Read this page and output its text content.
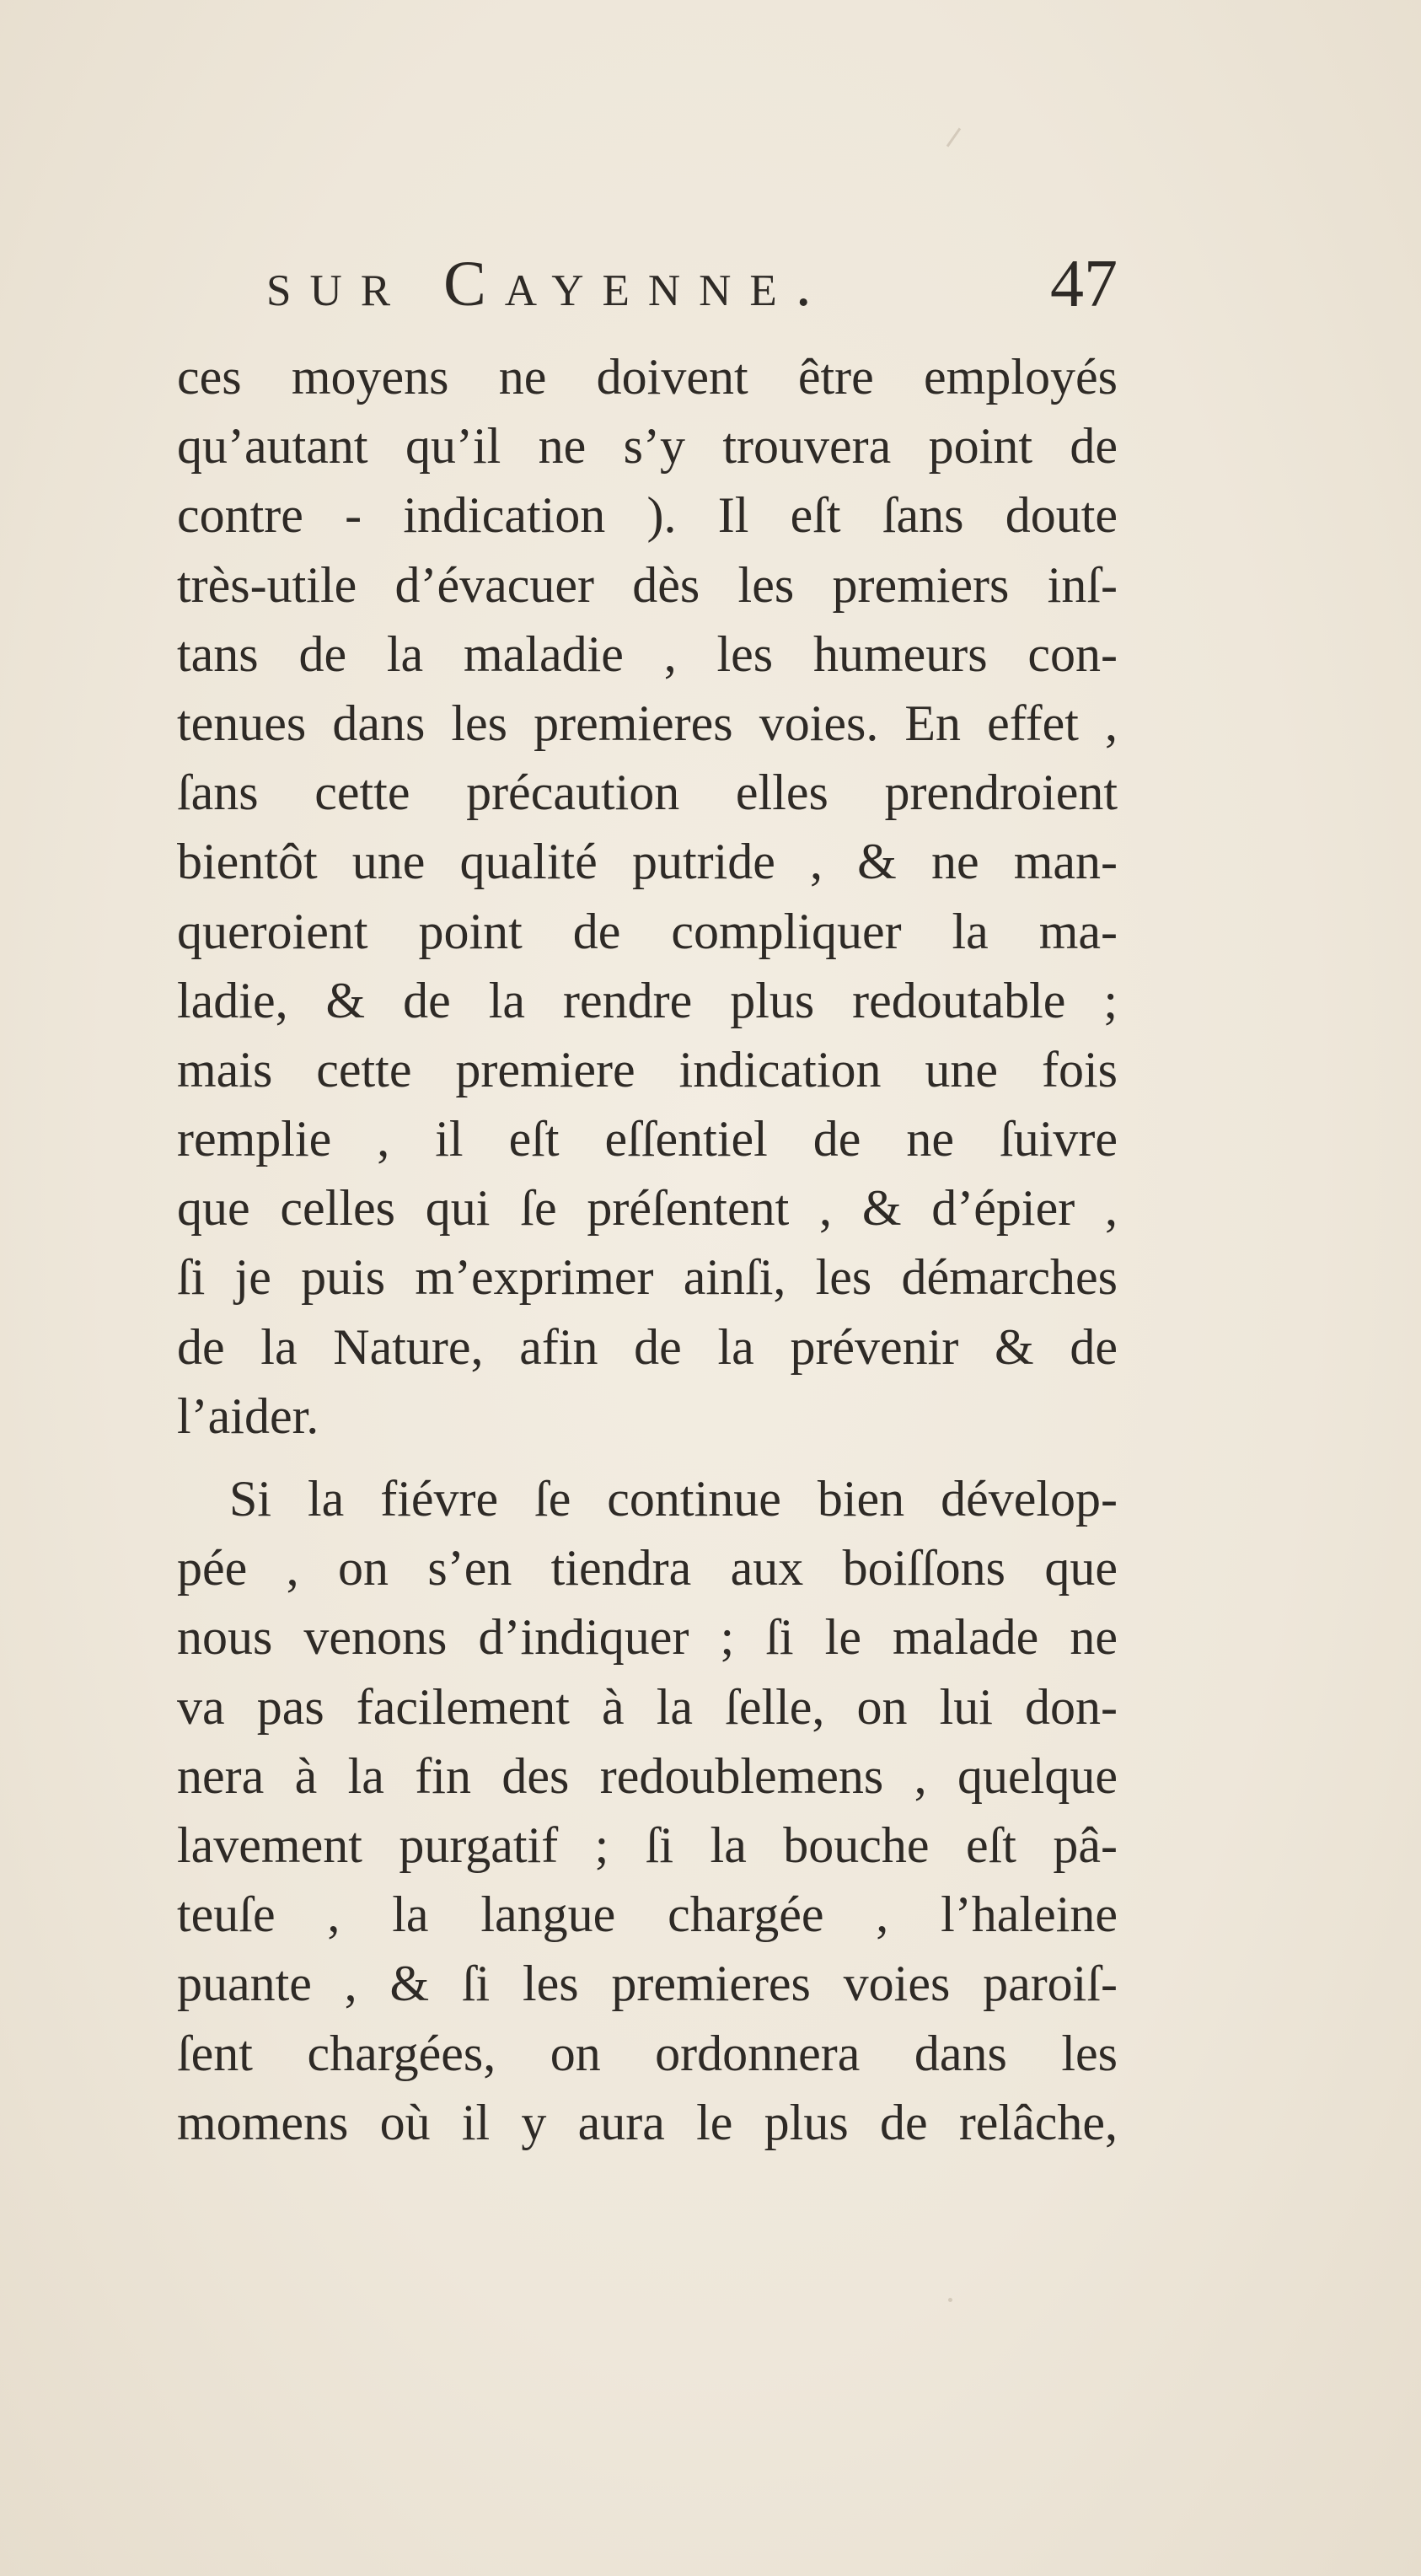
sur Cayenne.	47
ces moyens ne doivent être employés
qu’autant qu’il ne s’y trouvera point de
contre - indication ). Il eſt ſans doute
très-utile d’évacuer dès les premiers inſ-
tans de la maladie , les humeurs con-
tenues dans les premieres voies. En effet ,
ſans cette précaution elles prendroient
bientôt une qualité putride , & ne man-
queroient point de compliquer la ma-
ladie, & de la rendre plus redoutable ;
mais cette premiere indication une fois
remplie , il eſt eſſentiel de ne ſuivre
que celles qui ſe préſentent , & d’épier ,
ſi je puis m’exprimer ainſi, les démarches
de la Nature, afin de la prévenir & de
l’aider.
Si la fiévre ſe continue bien dévelop-
pée , on s’en tiendra aux boiſſons que
nous venons d’indiquer ; ſi le malade ne
va pas facilement à la ſelle, on lui don-
nera à la fin des redoublemens , quelque
lavement purgatif ; ſi la bouche eſt pâ-
teuſe , la langue chargée , l’haleine
puante , & ſi les premieres voies paroiſ-
ſent chargées, on ordonnera dans les
momens où il y aura le plus de relâche,
